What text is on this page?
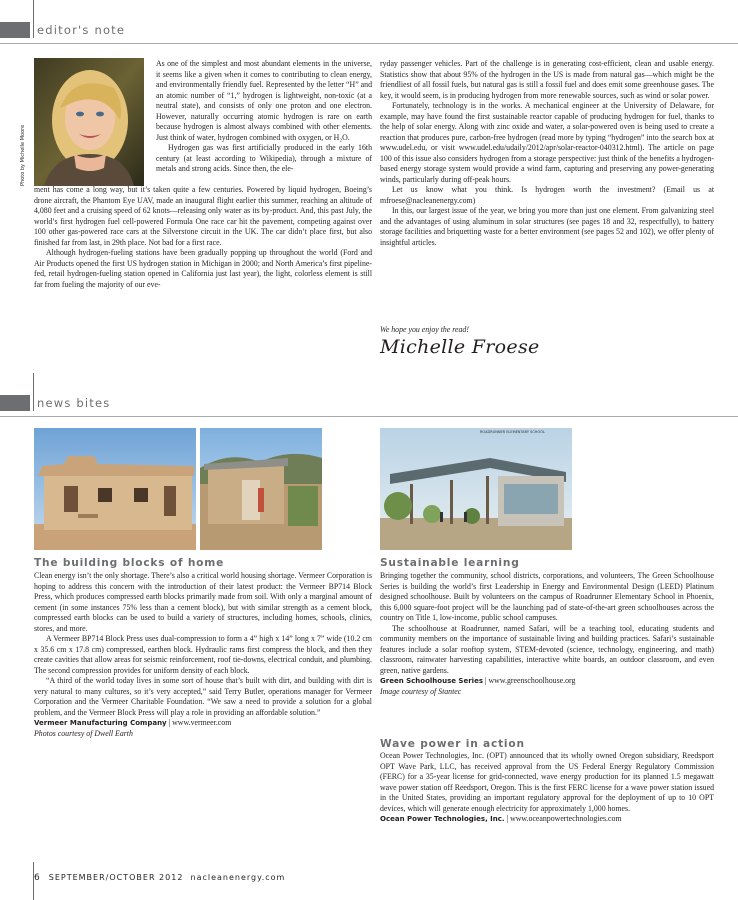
editor's note
Photo by Michelle Moore

As one of the simplest and most abundant elements in the universe, it seems like a given when it comes to contributing to clean energy, and environmentally friendly fuel. Represented by the letter “H” and an atomic number of “1,” hydrogen is lightweight, non-toxic (at a neutral state), and consists of only one proton and one electron. However, naturally occurring atomic hydrogen is rare on earth because hydrogen is almost always combined with other elements. Just think of water, hydrogen combined with oxygen, or H₂O.

Hydrogen gas was first artificially produced in the early 16th century (at least according to Wikipedia), through a mixture of metals and strong acids. Since then, the ele-

ment has come a long way, but it’s taken quite a few centuries. Powered by liquid hydrogen, Boeing’s drone aircraft, the Phantom Eye UAV, made an inaugural flight earlier this summer, reaching an altitude of 4,080 feet and a cruising speed of 62 knots—releasing only water as its by-product. And, this past July, the world’s first hydrogen fuel cell-powered Formula One race car hit the pavement, competing against over 100 other gas-powered race cars at the Silverstone circuit in the UK. The car didn’t place first, but also finished far from last, in 29th place. Not bad for a first race.

Although hydrogen-fueling stations have been gradually popping up throughout the world (Ford and Air Products opened the first US hydrogen station in Michigan in 2000; and North America’s first pipeline-fed, retail hydrogen-fueling station opened in California just last year), the light, colorless element is still far from fueling the majority of our eve-

ryday passenger vehicles. Part of the challenge is in generating cost-efficient, clean and usable energy. Statistics show that about 95% of the hydrogen in the US is made from natural gas—which might be the friendliest of all fossil fuels, but natural gas is still a fossil fuel and does emit some greenhouse gases. The key, it would seem, is in producing hydrogen from more renewable sources, such as wind or solar power.

Fortunately, technology is in the works. A mechanical engineer at the University of Delaware, for example, may have found the first sustainable reactor capable of producing hydrogen for fuel, thanks to the help of solar energy. Along with zinc oxide and water, a solar-powered oven is being used to create a reaction that produces pure, carbon-free hydrogen (read more by typing “hydrogen” into the search box at www.udel.edu, or visit www.udel.edu/udaily/2012/apr/solar-reactor-040312.html). The article on page 100 of this issue also considers hydrogen from a storage perspective: just think of the benefits a hydrogen-based energy storage system would provide a wind farm, capturing and preserving any power-generating winds, particularly during off-peak hours.

Let us know what you think. Is hydrogen worth the investment? (Email us at mfroese@nacleanenergy.com)

In this, our largest issue of the year, we bring you more than just one element. From galvanizing steel and the advantages of using aluminum in solar structures (see pages 18 and 32, respectfully), to battery storage facilities and briquetting waste for a better environment (see pages 52 and 102), we offer plenty of insightful articles.

We hope you enjoy the read!
Michelle Froese
news bites
ROADRUNNER ELEMENTARY SCHOOL
The building blocks of home	Sustainable learning
Wave power in action

Clean energy isn’t the only shortage. There’s also a critical world housing shortage. Vermeer Corporation is hoping to address this concern with the introduction of their latest product: the Vermeer BP714 Block Press, which produces compressed earth blocks primarily made from soil. With only a marginal amount of cement (in some instances 75% less than a cement block), but with similar strength as a cement block, compressed earth blocks can be used to build a variety of structures, including homes, schools, clinics, stores, and more.

A Vermeer BP714 Block Press uses dual-compression to form a 4” high x 14” long x 7” wide (10.2 cm x 35.6 cm x 17.8 cm) compressed, earthen block. Hydraulic rams first compress the block, and then they create cavities that allow areas for seismic reinforcement, roof tie-downs, electrical conduit, and plumbing. The second compression provides for uniform density of each block.

“A third of the world today lives in some sort of house that’s built with dirt, and building with dirt is very natural to many cultures, so it’s very accepted,” said Terry Butler, operations manager for Vermeer Corporation and the Vermeer Charitable Foundation. “We saw a need to provide a solution for a global problem, and the Vermeer Block Press will play a role in providing an affordable solution.”

Vermeer Manufacturing Company | www.vermeer.com
Photos courtesy of Dwell Earth

Bringing together the community, school districts, corporations, and volunteers, The Green Schoolhouse Series is building the world’s first Leadership in Energy and Environmental Design (LEED) Platinum designed schoolhouse. Built by volunteers on the campus of Roadrunner Elementary School in Phoenix, this 6,000 square-foot project will be the launching pad of state-of-the-art green schoolhouses across the country on Title 1, low-income, public school campuses.

The schoolhouse at Roadrunner, named Safari, will be a teaching tool, educating students and community members on the importance of sustainable living and building practices. Safari’s sustainable features include a solar rooftop system, STEM-devoted (science, technology, engineering, and math) classroom, rainwater harvesting capabilities, interactive white boards, an outdoor classroom, and even green, native gardens.

Green Schoolhouse Series | www.greenschoolhouse.org
Image courtesy of Stantec

Ocean Power Technologies, Inc. (OPT) announced that its wholly owned Oregon subsidiary, Reedsport OPT Wave Park, LLC, has received approval from the US Federal Energy Regulatory Commission (FERC) for a 35-year license for grid-connected, wave energy production for its planned 1.5 megawatt wave power station off Reedsport, Oregon. This is the first FERC license for a wave power station issued in the United States, providing an important regulatory approval for the deployment of up to 10 OPT devices, which will generate enough electricity for approximately 1,000 homes.

Ocean Power Technologies, Inc. | www.oceanpowertechnologies.com
6 SEPTEMBER/OCTOBER 2012 nacleanenergy.com
